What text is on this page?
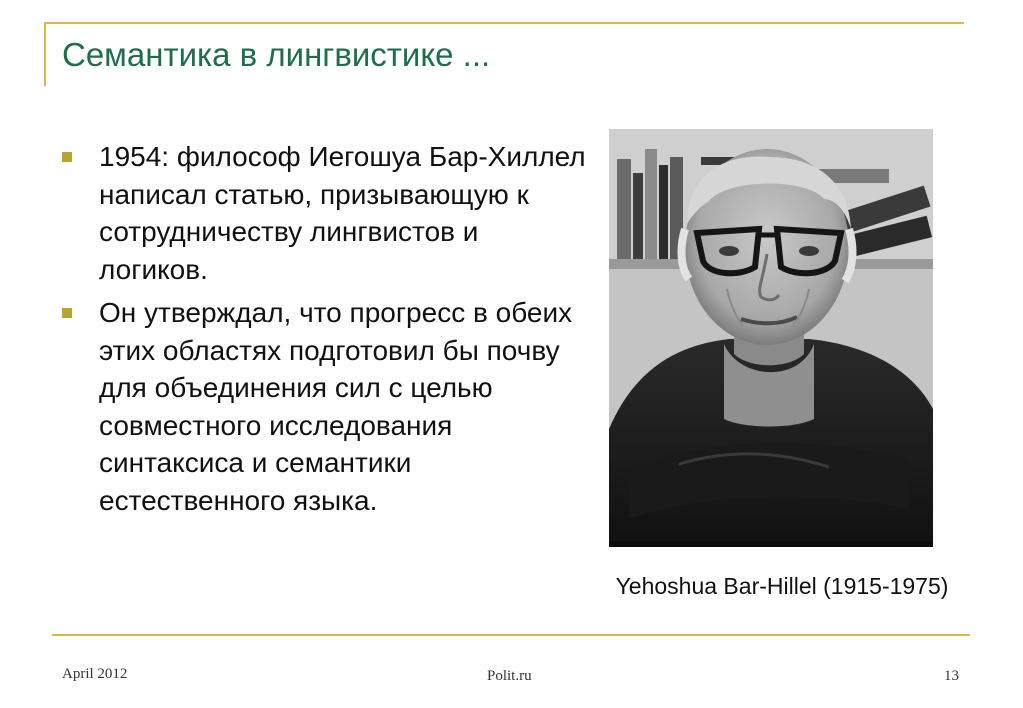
Семантика в лингвистике ...
1954: философ Иегошуа Бар-Хиллел написал статью, призывающую к сотрудничеству лингвистов и логиков.
Он утверждал, что прогресс в обеих этих областях подготовил бы почву для объединения сил с целью совместного исследования синтаксиса и семантики естественного языка.
Yehoshua Bar-Hillel (1915-1975)
April 2012	Polit.ru	13
